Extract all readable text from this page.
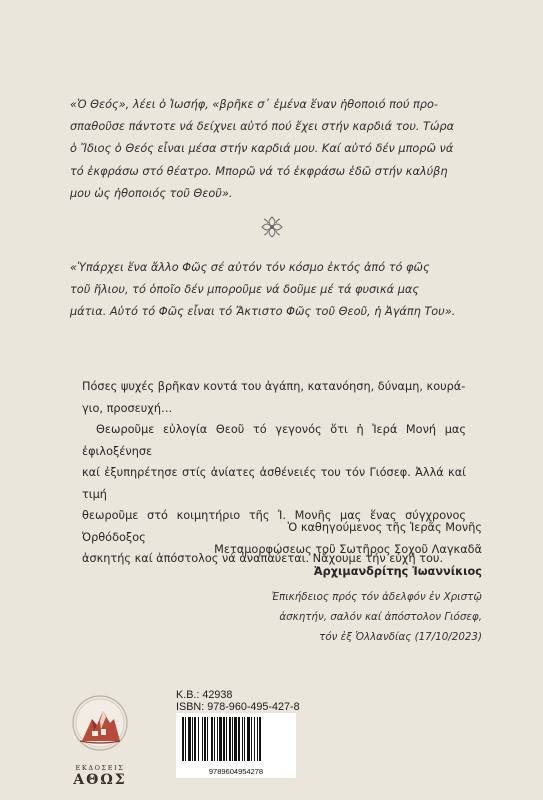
«Ὁ Θεός», λέει ὁ Ἰωσήφ, «βρῆκε σ᾽ ἐμένα ἕναν ἠθοποιό πού προ-

σπαθοῦσε πάντοτε νά δείχνει αὐτό πού ἔχει στήν καρδιά του. Τώρα

ὁ Ἴδιος ὁ Θεός εἶναι μέσα στήν καρδιά μου. Καί αὐτό δέν μπορῶ νά

τό ἐκφράσω στό θέατρο. Μπορῶ νά τό ἐκφράσω ἐδῶ στήν καλύβη

μου ὡς ἠθοποιός τοῦ Θεοῦ».

«Ὑπάρχει ἕνα ἄλλο Φῶς σέ αὐτόν τόν κόσμο ἐκτός ἀπό τό φῶς

τοῦ ἥλιου, τό ὁποῖο δέν μποροῦμε νά δοῦμε μέ τά φυσικά μας

μάτια. Αὐτό τό Φῶς εἶναι τό Ἄκτιστο Φῶς τοῦ Θεοῦ, ἡ Ἀγάπη Του».

Πόσες ψυχές βρῆκαν κοντά του ἀγάπη, κατανόηση, δύναμη, κουρά-

γιο, προσευχή…

Θεωροῦμε εὐλογία Θεοῦ τό γεγονός ὅτι ἡ Ἱερά Μονή μας ἐφιλοξένησε

καί ἐξυπηρέτησε στίς ἀνίατες ἀσθένειές του τόν Γιόσεφ. Ἀλλά καί τιμή

θεωροῦμε στό κοιμητήριο τῆς Ἱ. Μονῆς μας ἕνας σύγχρονος Ὀρθόδοξος

ἀσκητής καί ἀπόστολος νά ἀναπαύεται. Νἄχουμε τήν εὐχή του.

Ὁ καθηγούμενος τῆς Ἱερᾶς Μονῆς
Μεταμορφώσεως τοῦ Σωτῆρος Σοχοῦ Λαγκαδᾶ
Ἀρχιμανδρίτης Ἰωαννίκιος
Ἐπικήδειος πρός τόν ἀδελφόν ἐν Χριστῷ
ἀσκητήν, σαλόν καί ἀπόστολον Γιόσεφ,
τόν ἐξ Ὁλλανδίας (17/10/2023)
ΕΚΔΟΣΕΙΣ
ΑΘΩΣ
Κ.Β.: 42938
ISBN: 978-960-495-427-8
9789604954278
